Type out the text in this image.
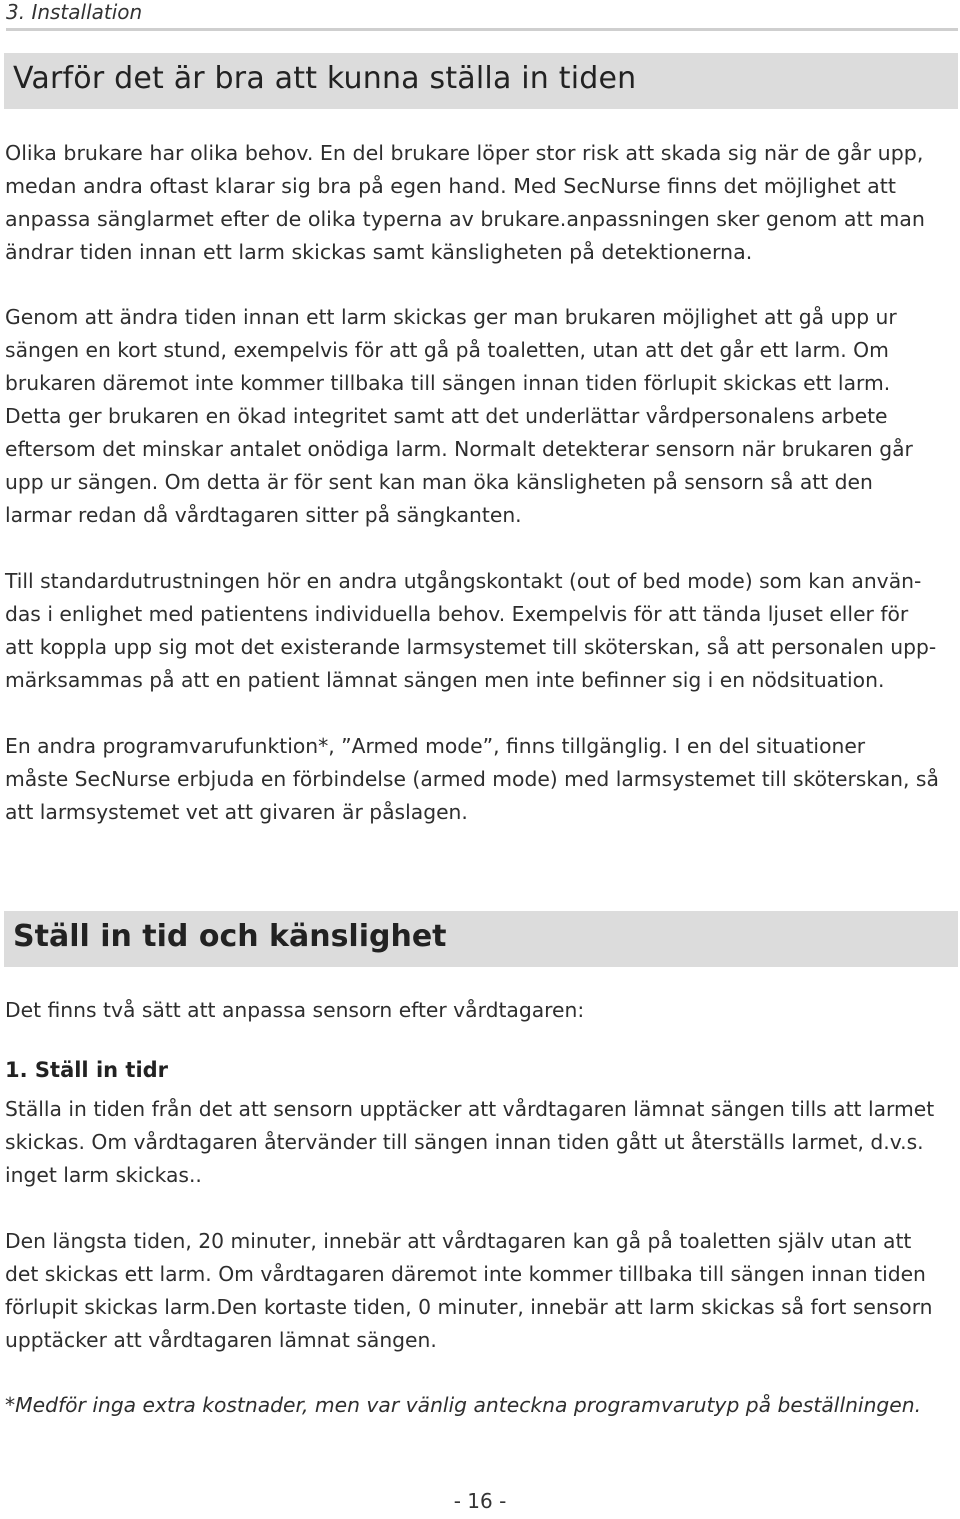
3. Installation
Varför det är bra att kunna ställa in tiden
Olika brukare har olika behov. En del brukare löper stor risk att skada sig när de går upp,
medan andra oftast klarar sig bra på egen hand. Med SecNurse finns det möjlighet att
anpassa sänglarmet efter de olika typerna av brukare.anpassningen sker genom att man
ändrar tiden innan ett larm skickas samt känsligheten på detektionerna.
Genom att ändra tiden innan ett larm skickas ger man brukaren möjlighet att gå upp ur
sängen en kort stund, exempelvis för att gå på toaletten, utan att det går ett larm. Om
brukaren däremot inte kommer tillbaka till sängen innan tiden förlupit skickas ett larm.
Detta ger brukaren en ökad integritet samt att det underlättar vårdpersonalens arbete
eftersom det minskar antalet onödiga larm. Normalt detekterar sensorn när brukaren går
upp ur sängen. Om detta är för sent kan man öka känsligheten på sensorn så att den
larmar redan då vårdtagaren sitter på sängkanten.
Till standardutrustningen hör en andra utgångskontakt (out of bed mode) som kan använ-
das i enlighet med patientens individuella behov. Exempelvis för att tända ljuset eller för
att koppla upp sig mot det existerande larmsystemet till sköterskan, så att personalen upp-
märksammas på att en patient lämnat sängen men inte befinner sig i en nödsituation.
En andra programvarufunktion*, ”Armed mode”, finns tillgänglig. I en del situationer
måste SecNurse erbjuda en förbindelse (armed mode) med larmsystemet till sköterskan, så
att larmsystemet vet att givaren är påslagen.
Ställ in tid och känslighet
Det finns två sätt att anpassa sensorn efter vårdtagaren:
1. Ställ in tidr
Ställa in tiden från det att sensorn upptäcker att vårdtagaren lämnat sängen tills att larmet
skickas. Om vårdtagaren återvänder till sängen innan tiden gått ut återställs larmet, d.v.s.
inget larm skickas..
Den längsta tiden, 20 minuter, innebär att vårdtagaren kan gå på toaletten själv utan att
det skickas ett larm. Om vårdtagaren däremot inte kommer tillbaka till sängen innan tiden
förlupit skickas larm.Den kortaste tiden, 0 minuter, innebär att larm skickas så fort sensorn
upptäcker att vårdtagaren lämnat sängen.
*Medför inga extra kostnader, men var vänlig anteckna programvarutyp på beställningen.
- 16 -
